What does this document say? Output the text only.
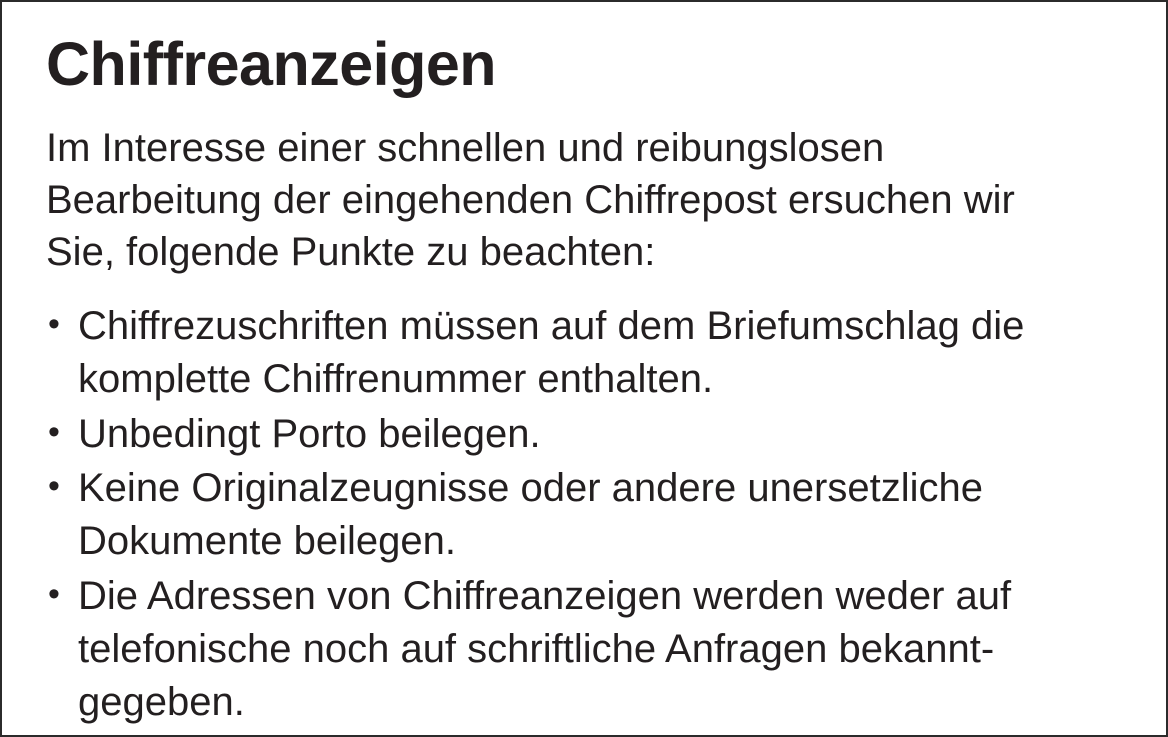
Chiffreanzeigen

Im Interesse einer schnellen und reibungslosen Bearbeitung der eingehenden Chiffrepost ersuchen wir Sie, folgende Punkte zu beachten:

• Chiffrezuschriften müssen auf dem Briefumschlag die komplette Chiffrenummer enthalten.
• Unbedingt Porto beilegen.
• Keine Originalzeugnisse oder andere unersetzliche Dokumente beilegen.
• Die Adressen von Chiffreanzeigen werden weder auf telefonische noch auf schriftliche Anfragen bekannt-gegeben.
